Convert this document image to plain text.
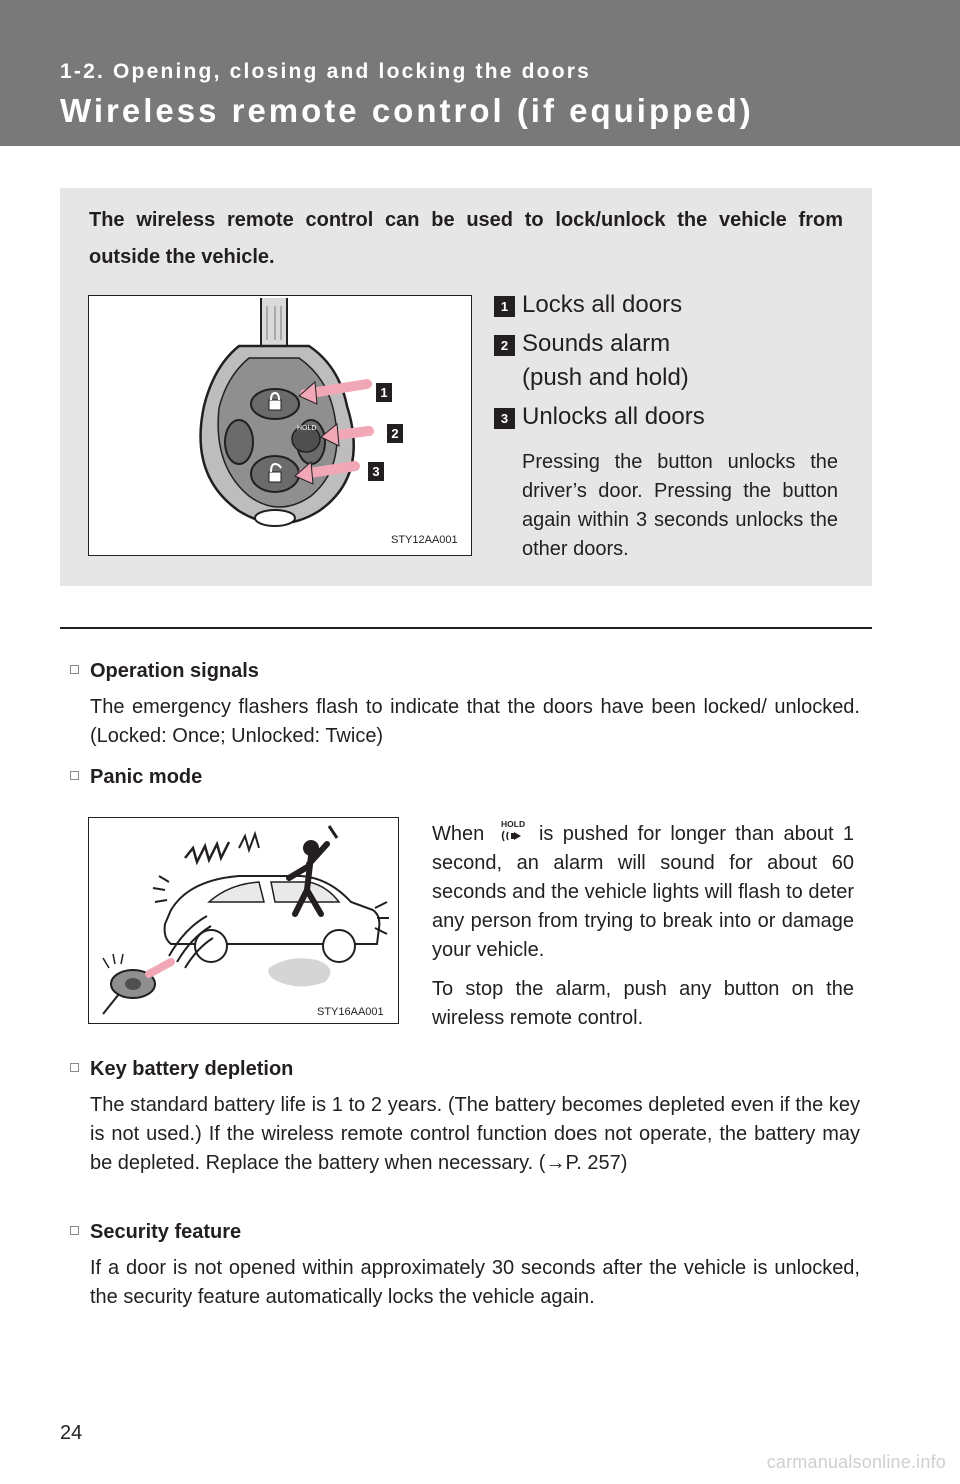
1-2. Opening, closing and locking the doors
Wireless remote control (if equipped)
The wireless remote control can be used to lock/unlock the vehicle from outside the vehicle.
HOLD
1
2
3
STY12AA001
1 Locks all doors
2 Sounds alarm
(push and hold)
3 Unlocks all doors
Pressing the button unlocks the driver’s door. Pressing the button again within 3 seconds unlocks the other doors.
Operation signals
The emergency flashers flash to indicate that the doors have been locked/ unlocked. (Locked: Once; Unlocked: Twice)
Panic mode
STY16AA001

When HOLD is pushed for longer than about 1 second, an alarm will sound for about 60 seconds and the vehicle lights will flash to deter any person from trying to break into or damage your vehicle.

To stop the alarm, push any button on the wireless remote control.

Key battery depletion
The standard battery life is 1 to 2 years. (The battery becomes depleted even if the key is not used.) If the wireless remote control function does not operate, the battery may be depleted. Replace the battery when necessary. (→P. 257)
Security feature
If a door is not opened within approximately 30 seconds after the vehicle is unlocked, the security feature automatically locks the vehicle again.
24
carmanualsonline.info
